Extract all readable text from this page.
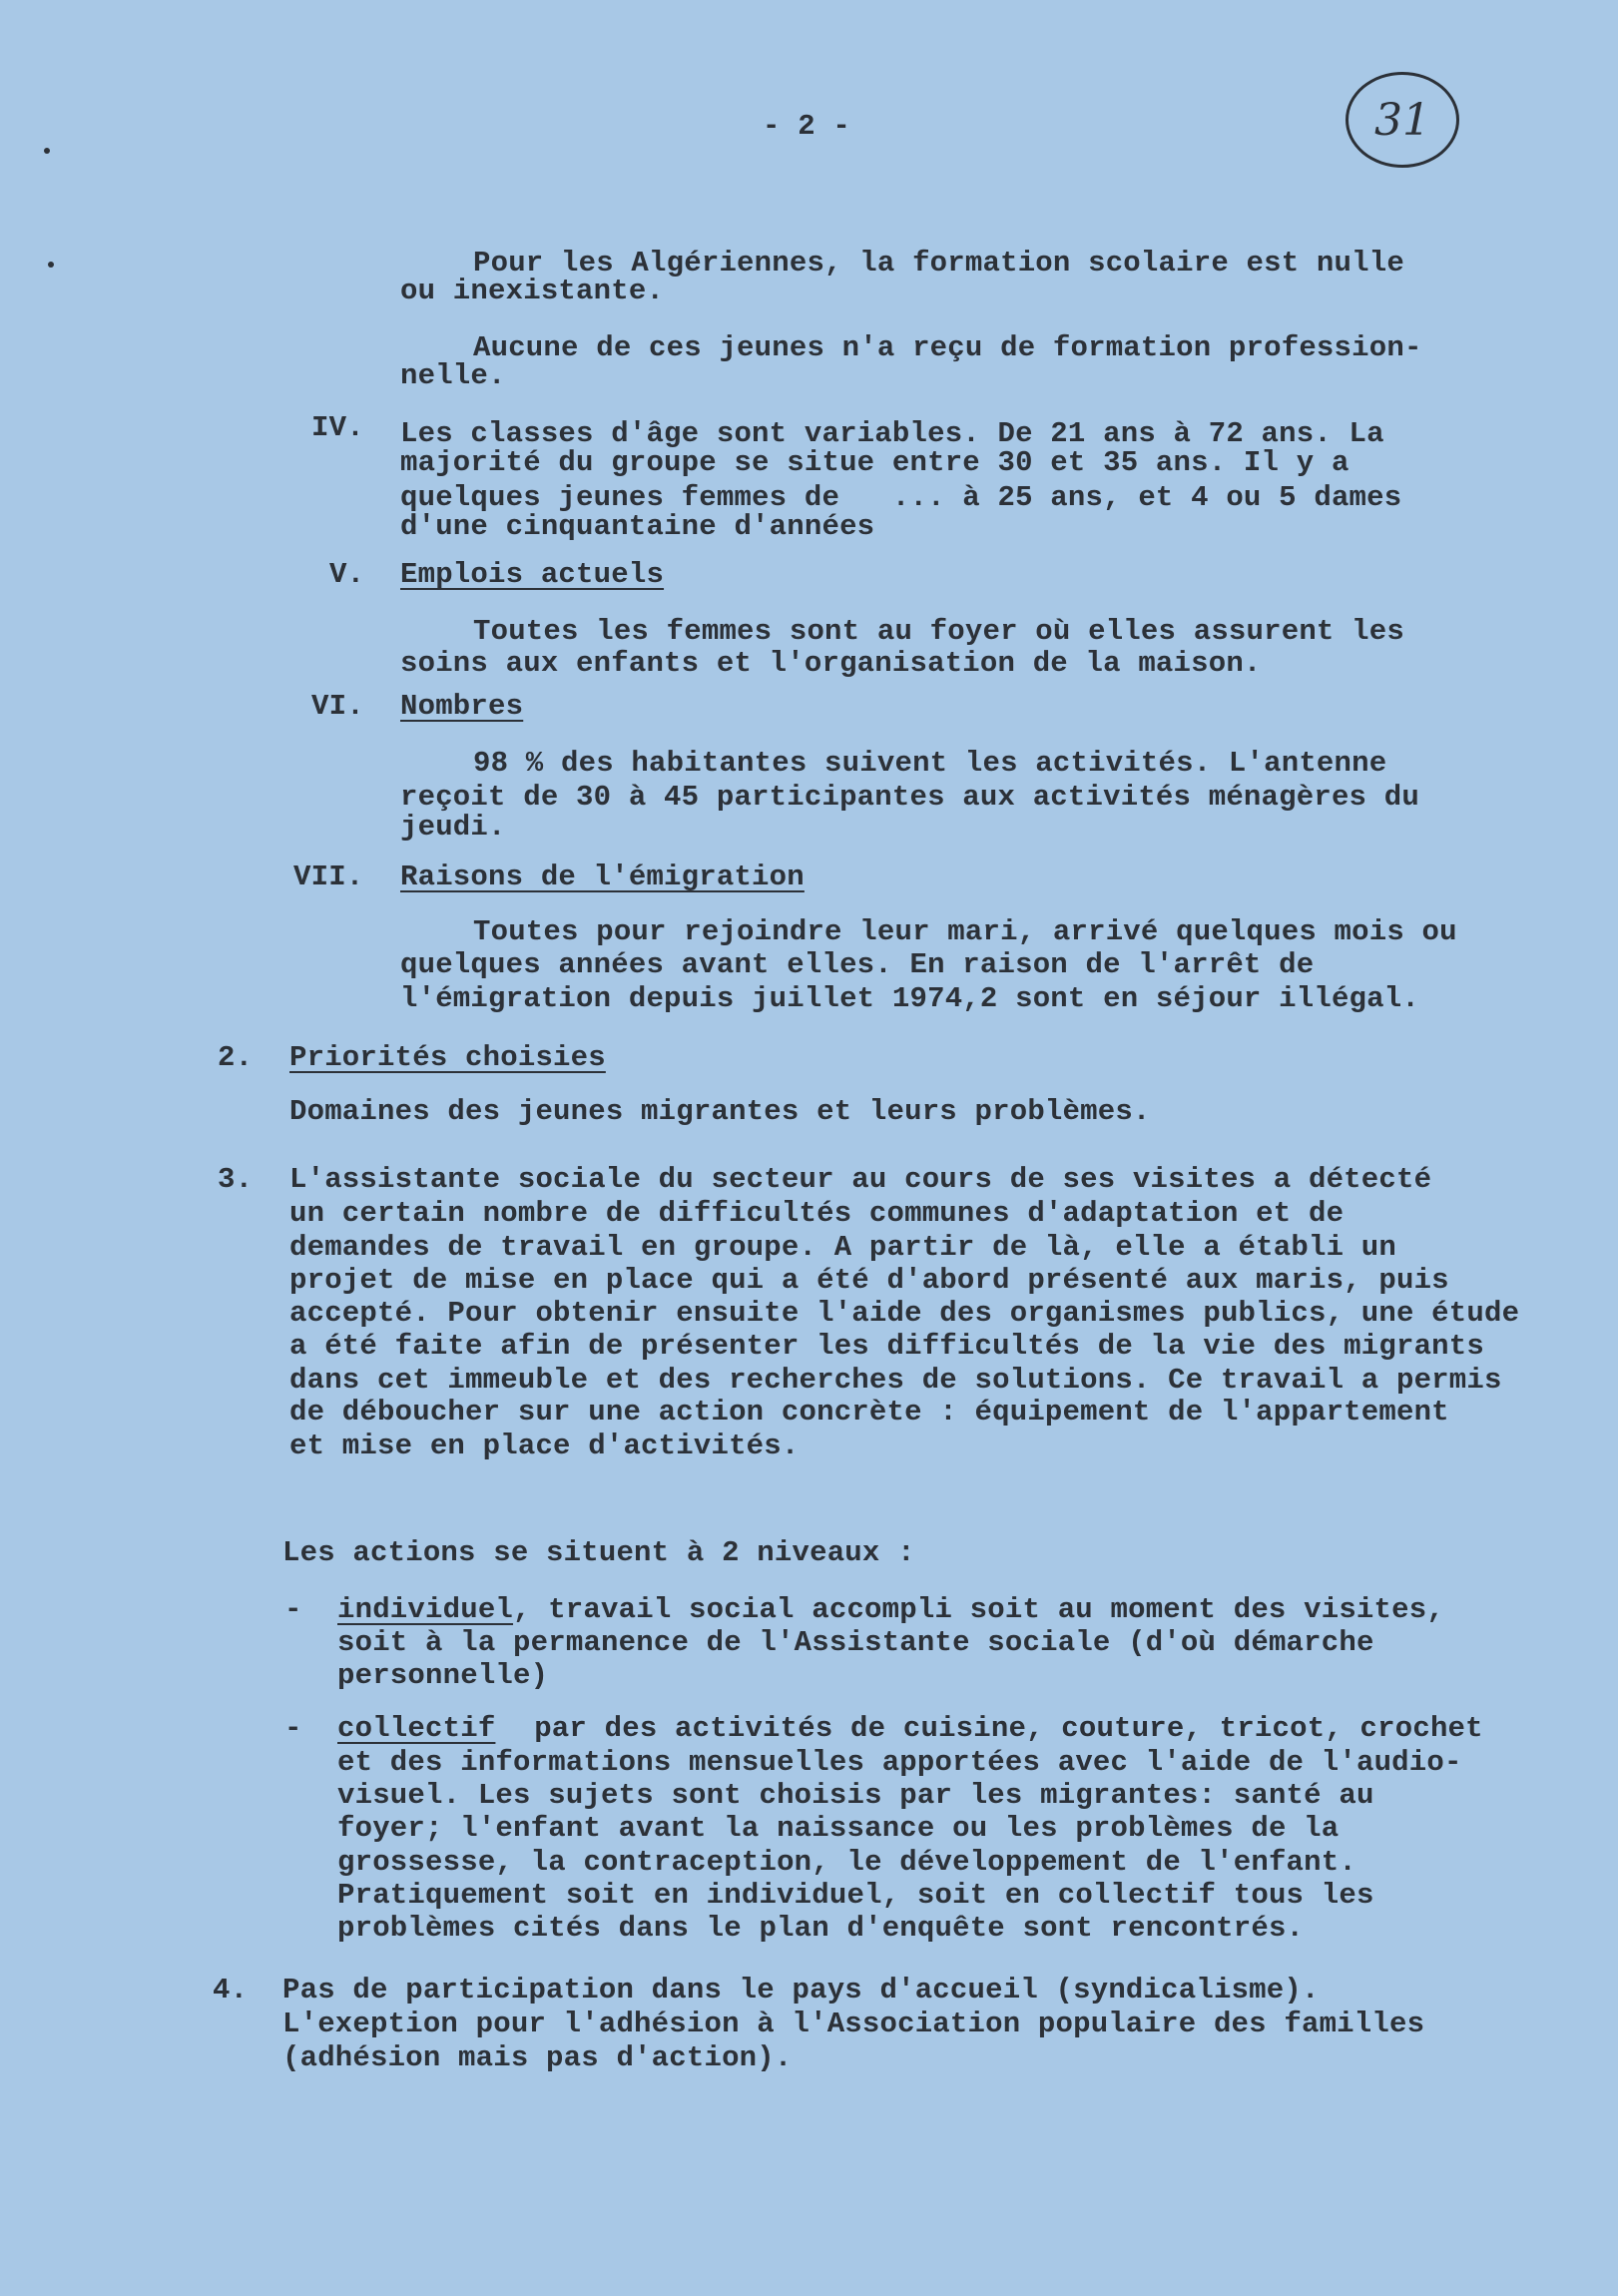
- 2 -	31
Pour les Algériennes, la formation scolaire est nulle
ou inexistante.
Aucune de ces jeunes n'a reçu de formation profession-
nelle.
IV. Les classes d'âge sont variables. De 21 ans à 72 ans. La
majorité du groupe se situe entre 30 et 35 ans. Il y a
quelques jeunes femmes de   ... à 25 ans, et 4 ou 5 dames
d'une cinquantaine d'années
V. Emplois actuels
Toutes les femmes sont au foyer où elles assurent les
soins aux enfants et l'organisation de la maison.
VI. Nombres
98 % des habitantes suivent les activités. L'antenne
reçoit de 30 à 45 participantes aux activités ménagères du
jeudi.
VII. Raisons de l'émigration
Toutes pour rejoindre leur mari, arrivé quelques mois ou
quelques années avant elles. En raison de l'arrêt de
l'émigration depuis juillet 1974,2 sont en séjour illégal.
2. Priorités choisies
Domaines des jeunes migrantes et leurs problèmes.
3. L'assistante sociale du secteur au cours de ses visites a détecté
un certain nombre de difficultés communes d'adaptation et de
demandes de travail en groupe. A partir de là, elle a établi un
projet de mise en place qui a été d'abord présenté aux maris, puis
accepté. Pour obtenir ensuite l'aide des organismes publics, une étude
a été faite afin de présenter les difficultés de la vie des migrants
dans cet immeuble et des recherches de solutions. Ce travail a permis
de déboucher sur une action concrète : équipement de l'appartement
et mise en place d'activités.
Les actions se situent à 2 niveaux :
- individuel , travail social accompli soit au moment des visites,
soit à la permanence de l'Assistante sociale (d'où démarche
personnelle)
- collectif par des activités de cuisine, couture, tricot, crochet
et des informations mensuelles apportées avec l'aide de l'audio-
visuel. Les sujets sont choisis par les migrantes: santé au
foyer; l'enfant avant la naissance ou les problèmes de la
grossesse, la contraception, le développement de l'enfant.
Pratiquement soit en individuel, soit en collectif tous les
problèmes cités dans le plan d'enquête sont rencontrés.
4. Pas de participation dans le pays d'accueil (syndicalisme).
L'exeption pour l'adhésion à l'Association populaire des familles
(adhésion mais pas d'action).
